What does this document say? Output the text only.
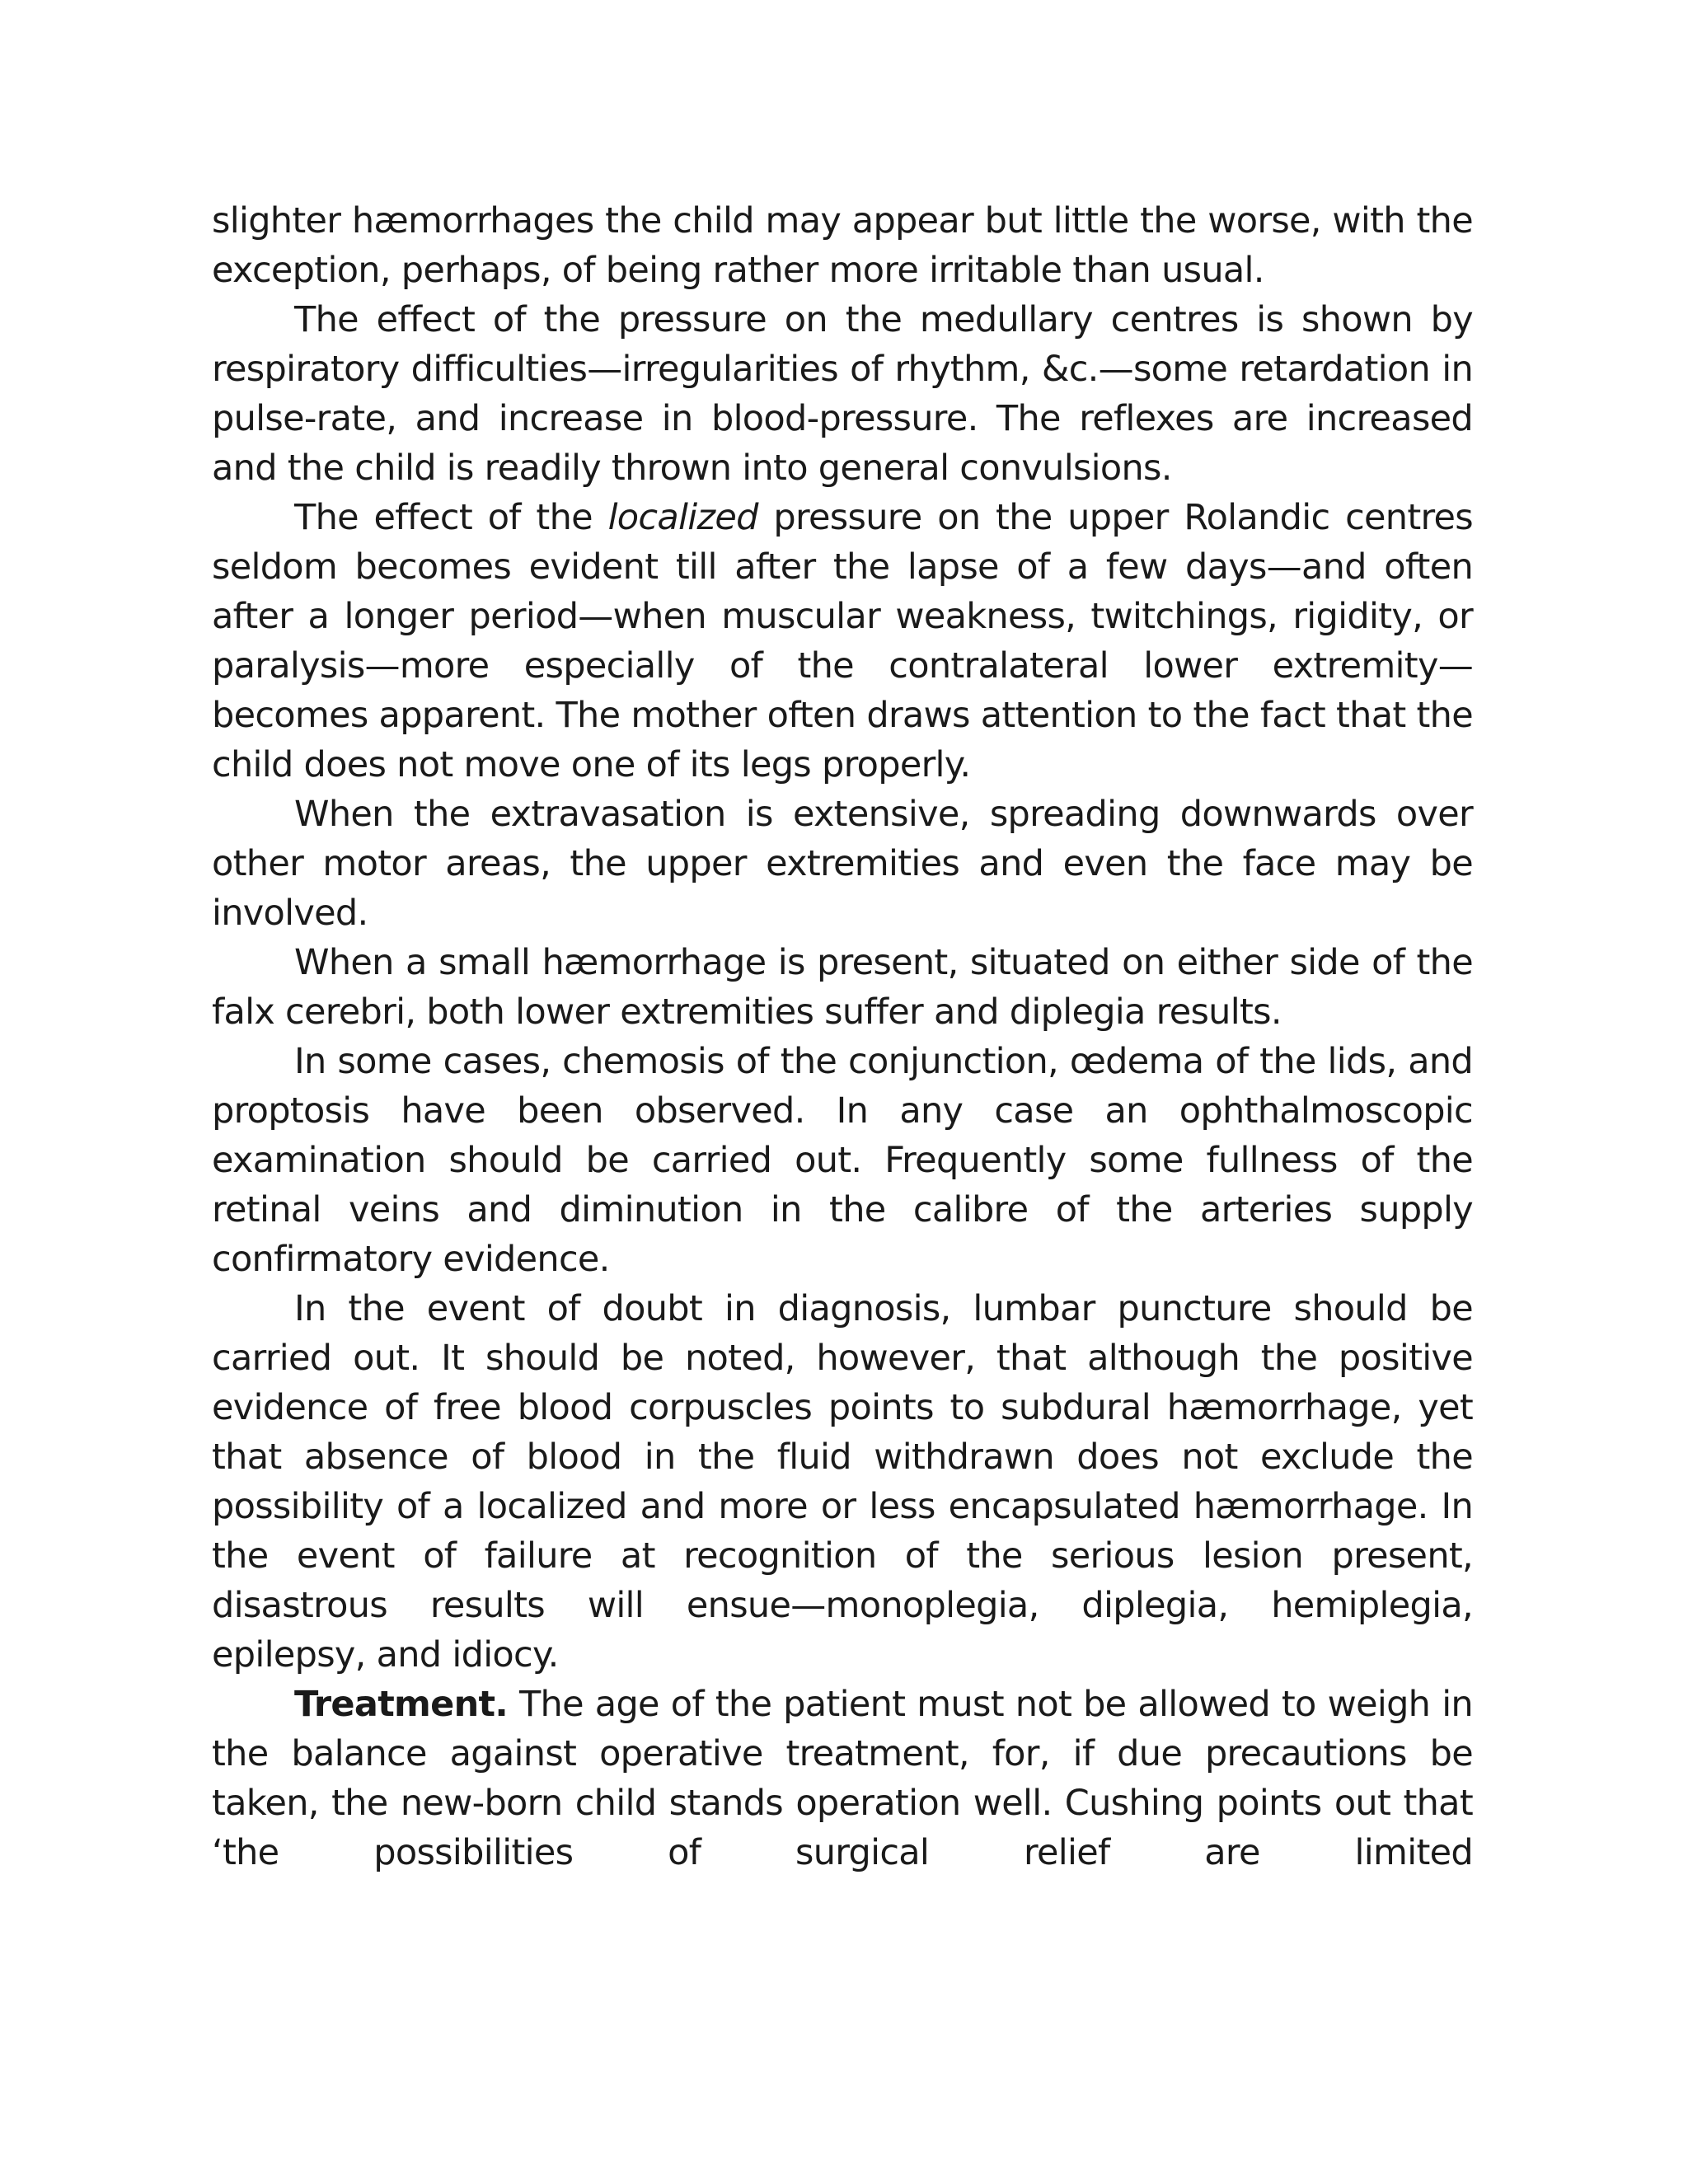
slighter hæmorrhages the child may appear but little the worse, with the exception, perhaps, of being rather more irritable than usual.

The effect of the pressure on the medullary centres is shown by respiratory difficulties—irregularities of rhythm, &c.—some retardation in pulse-rate, and increase in blood-pressure. The reflexes are increased and the child is readily thrown into general convulsions.

The effect of the localized pressure on the upper Rolandic centres seldom becomes evident till after the lapse of a few days—and often after a longer period—when muscular weakness, twitchings, rigidity, or paralysis—more especially of the contralateral lower extremity—becomes apparent. The mother often draws attention to the fact that the child does not move one of its legs properly.

When the extravasation is extensive, spreading downwards over other motor areas, the upper extremities and even the face may be involved.

When a small hæmorrhage is present, situated on either side of the falx cerebri, both lower extremities suffer and diplegia results.

In some cases, chemosis of the conjunction, œdema of the lids, and proptosis have been observed. In any case an ophthalmoscopic examination should be carried out. Frequently some fullness of the retinal veins and diminution in the calibre of the arteries supply confirmatory evidence.

In the event of doubt in diagnosis, lumbar puncture should be carried out. It should be noted, however, that although the positive evidence of free blood corpuscles points to subdural hæmorrhage, yet that absence of blood in the fluid withdrawn does not exclude the possibility of a localized and more or less encapsulated hæmorrhage. In the event of failure at recognition of the serious lesion present, disastrous results will ensue—monoplegia, diplegia, hemiplegia, epilepsy, and idiocy.

Treatment. The age of the patient must not be allowed to weigh in the balance against operative treatment, for, if due precautions be taken, the new-born child stands operation well. Cushing points out that ‘the possibilities of surgical relief are limited
